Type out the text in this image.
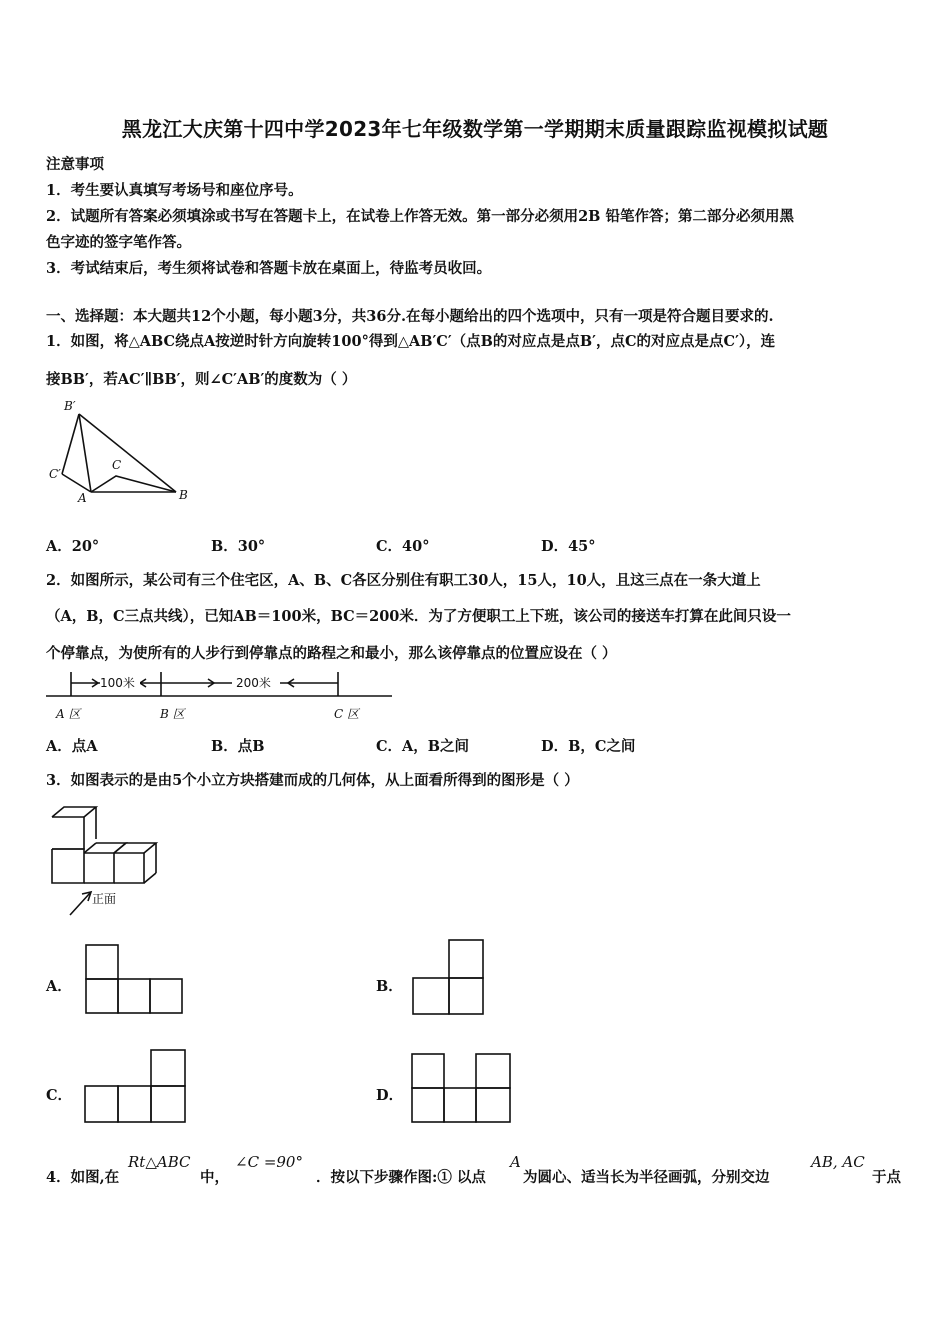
黑龙江大庆第十四中学2023年七年级数学第一学期期末质量跟踪监视模拟试题
注意事项
1．考生要认真填写考场号和座位序号。
2．试题所有答案必须填涂或书写在答题卡上，在试卷上作答无效。第一部分必须用2B 铅笔作答；第二部分必须用黑
色字迹的签字笔作答。
3．考试结束后，考生须将试卷和答题卡放在桌面上，待监考员收回。
一、选择题：本大题共12个小题，每小题3分，共36分.在每小题给出的四个选项中，只有一项是符合题目要求的.
1．如图，将△ABC绕点A按逆时针方向旋转100°得到△AB′C′（点B的对应点是点B′，点C的对应点是点C′），连
接BB′，若AC′∥BB′，则∠C′AB′的度数为（ ）
B′
C′
A
C
B
A．20°	B．30°	C．40°	D．45°
2．如图所示，某公司有三个住宅区，A、B、C各区分别住有职工30人，15人，10人，且这三点在一条大道上
（A，B，C三点共线），已知AB＝100米，BC＝200米．为了方便职工上下班，该公司的接送车打算在此间只设一
个停靠点，为使所有的人步行到停靠点的路程之和最小，那么该停靠点的位置应设在（ ）
100米	200米
A 区	B 区	C 区
A．点A	B．点B	C．A，B之间	D．B，C之间
3．如图表示的是由5个小立方块搭建而成的几何体，从上面看所得到的图形是（ ）
正面
A．	B．
C．	D．
4．如图,在
Rt△ABC
中，
∠C =90°
．按以下步骤作图:① 以点
A
为圆心、适当长为半径画弧，分别交边
AB, AC
于点
